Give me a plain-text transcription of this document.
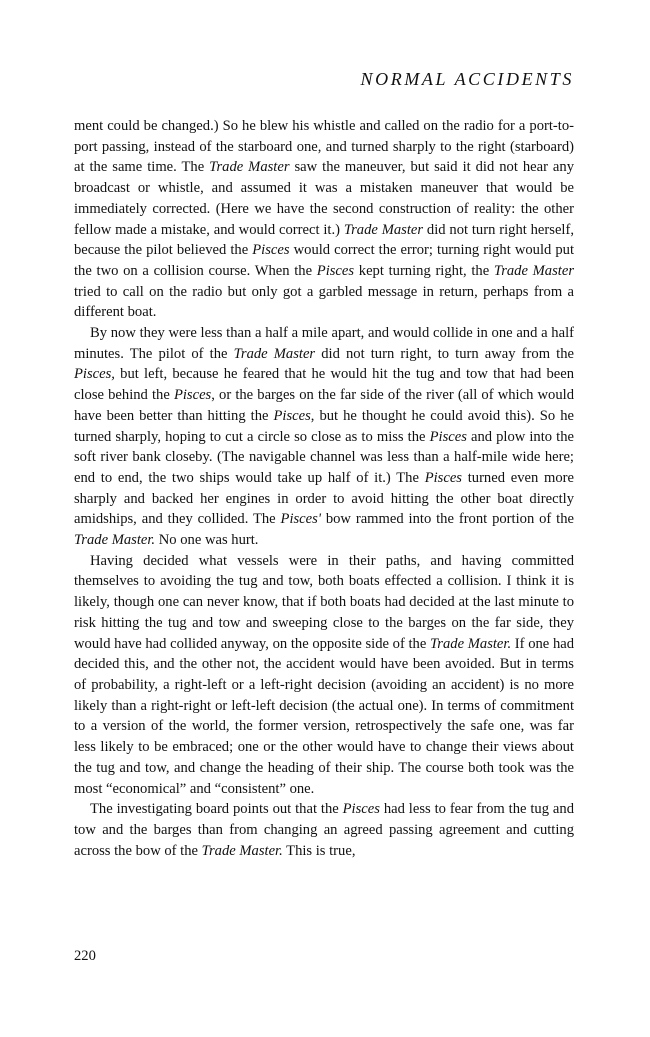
NORMAL ACCIDENTS

ment could be changed.) So he blew his whistle and called on the radio for a port-to-port passing, instead of the starboard one, and turned sharply to the right (starboard) at the same time. The Trade Master saw the maneuver, but said it did not hear any broadcast or whistle, and assumed it was a mistaken maneuver that would be immediately corrected. (Here we have the second construction of reality: the other fellow made a mistake, and would correct it.) Trade Master did not turn right herself, because the pilot believed the Pisces would correct the error; turning right would put the two on a collision course. When the Pisces kept turning right, the Trade Master tried to call on the radio but only got a garbled message in return, perhaps from a different boat.

By now they were less than a half a mile apart, and would collide in one and a half minutes. The pilot of the Trade Master did not turn right, to turn away from the Pisces, but left, because he feared that he would hit the tug and tow that had been close behind the Pisces, or the barges on the far side of the river (all of which would have been better than hitting the Pisces, but he thought he could avoid this). So he turned sharply, hoping to cut a circle so close as to miss the Pisces and plow into the soft river bank closeby. (The navigable channel was less than a half-mile wide here; end to end, the two ships would take up half of it.) The Pisces turned even more sharply and backed her engines in order to avoid hitting the other boat directly amidships, and they collided. The Pisces' bow rammed into the front portion of the Trade Master. No one was hurt.

Having decided what vessels were in their paths, and having committed themselves to avoiding the tug and tow, both boats effected a collision. I think it is likely, though one can never know, that if both boats had decided at the last minute to risk hitting the tug and tow and sweeping close to the barges on the far side, they would have had collided anyway, on the opposite side of the Trade Master. If one had decided this, and the other not, the accident would have been avoided. But in terms of probability, a right-left or a left-right decision (avoiding an accident) is no more likely than a right-right or left-left decision (the actual one). In terms of commitment to a version of the world, the former version, retrospectively the safe one, was far less likely to be embraced; one or the other would have to change their views about the tug and tow, and change the heading of their ship. The course both took was the most “economical” and “consistent” one.

The investigating board points out that the Pisces had less to fear from the tug and tow and the barges than from changing an agreed passing agreement and cutting across the bow of the Trade Master. This is true,

220
